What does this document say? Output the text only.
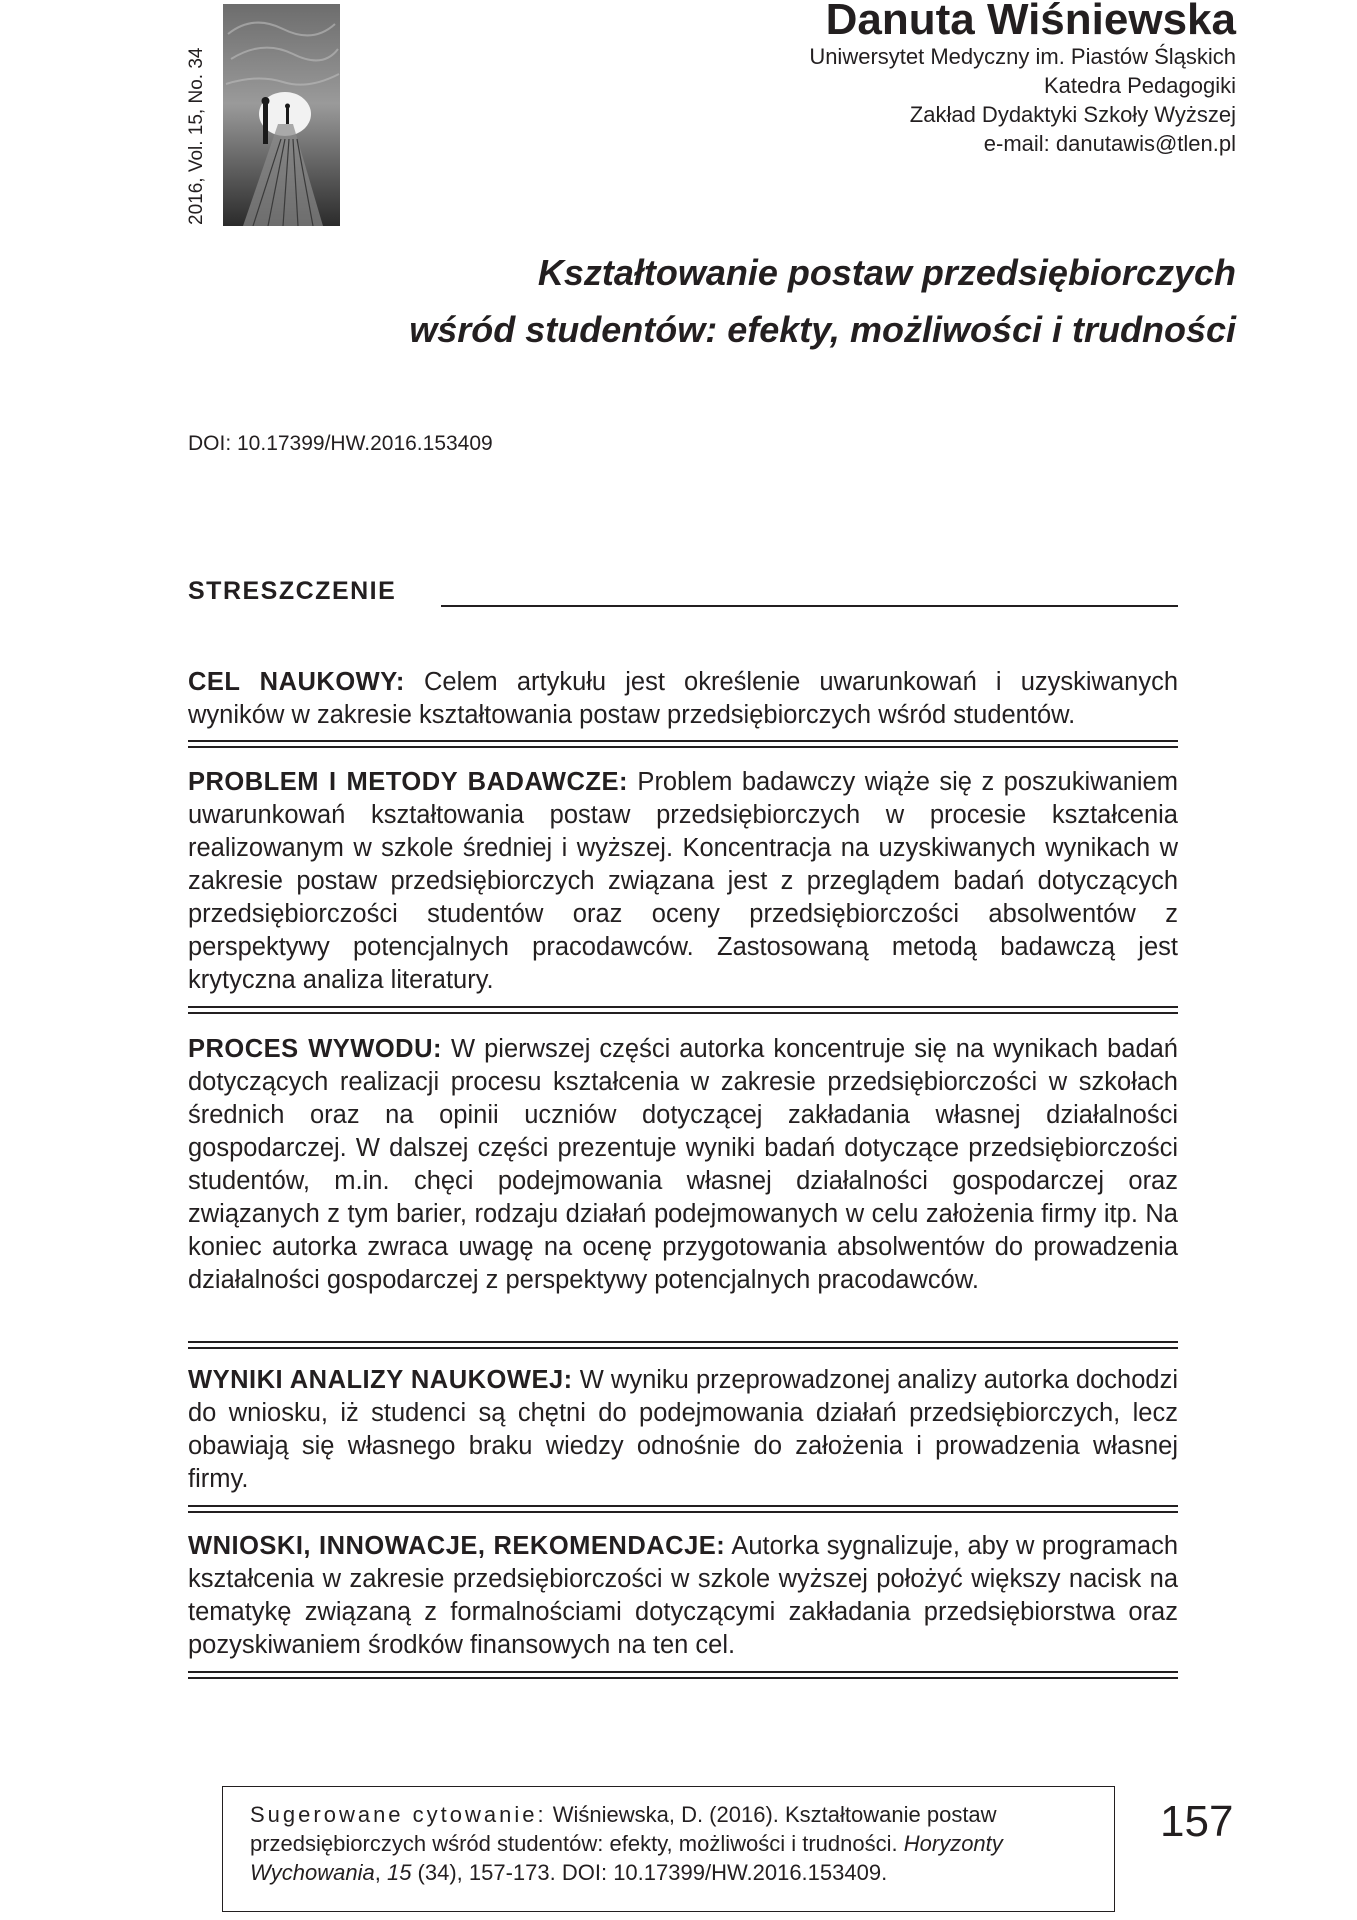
2016, Vol. 15, No. 34
Danuta Wiśniewska
Uniwersytet Medyczny im. Piastów Śląskich
Katedra Pedagogiki
Zakład Dydaktyki Szkoły Wyższej
e-mail: danutawis@tlen.pl
Kształtowanie postaw przedsiębiorczych
wśród studentów: efekty, możliwości i trudności
DOI: 10.17399/HW.2016.153409
STRESZCZENIE
CEL NAUKOWY: Celem artykułu jest określenie uwarunkowań i uzyskiwanych wyników w zakresie kształtowania postaw przedsiębiorczych wśród studentów.
PROBLEM I METODY BADAWCZE: Problem badawczy wiąże się z poszukiwaniem uwarunkowań kształtowania postaw przedsiębiorczych w procesie kształcenia realizowanym w szkole średniej i wyższej. Koncentracja na uzyskiwanych wynikach w zakresie postaw przedsiębiorczych związana jest z przeglądem badań dotyczących przedsiębiorczości studentów oraz oceny przedsiębiorczości absolwentów z perspektywy potencjalnych pracodawców. Zastosowaną metodą badawczą jest krytyczna analiza literatury.
PROCES WYWODU: W pierwszej części autorka koncentruje się na wynikach badań dotyczących realizacji procesu kształcenia w zakresie przedsiębiorczości w szkołach średnich oraz na opinii uczniów dotyczącej zakładania własnej działalności gospodarczej. W dalszej części prezentuje wyniki badań dotyczące przedsiębiorczości studentów, m.in. chęci podejmowania własnej działalności gospodarczej oraz związanych z tym barier, rodzaju działań podejmowanych w celu założenia firmy itp. Na koniec autorka zwraca uwagę na ocenę przygotowania absolwentów do prowadzenia działalności gospodarczej z perspektywy potencjalnych pracodawców.
WYNIKI ANALIZY NAUKOWEJ: W wyniku przeprowadzonej analizy autorka dochodzi do wniosku, iż studenci są chętni do podejmowania działań przedsiębiorczych, lecz obawiają się własnego braku wiedzy odnośnie do założenia i prowadzenia własnej firmy.
WNIOSKI, INNOWACJE, REKOMENDACJE: Autorka sygnalizuje, aby w programach kształcenia w zakresie przedsiębiorczości w szkole wyższej położyć większy nacisk na tematykę związaną z formalnościami dotyczącymi zakładania przedsiębiorstwa oraz pozyskiwaniem środków finansowych na ten cel.
Sugerowane cytowanie: Wiśniewska, D. (2016). Kształtowanie postaw przedsiębiorczych wśród studentów: efekty, możliwości i trudności. Horyzonty Wychowania, 15 (34), 157-173. DOI: 10.17399/HW.2016.153409.
157
